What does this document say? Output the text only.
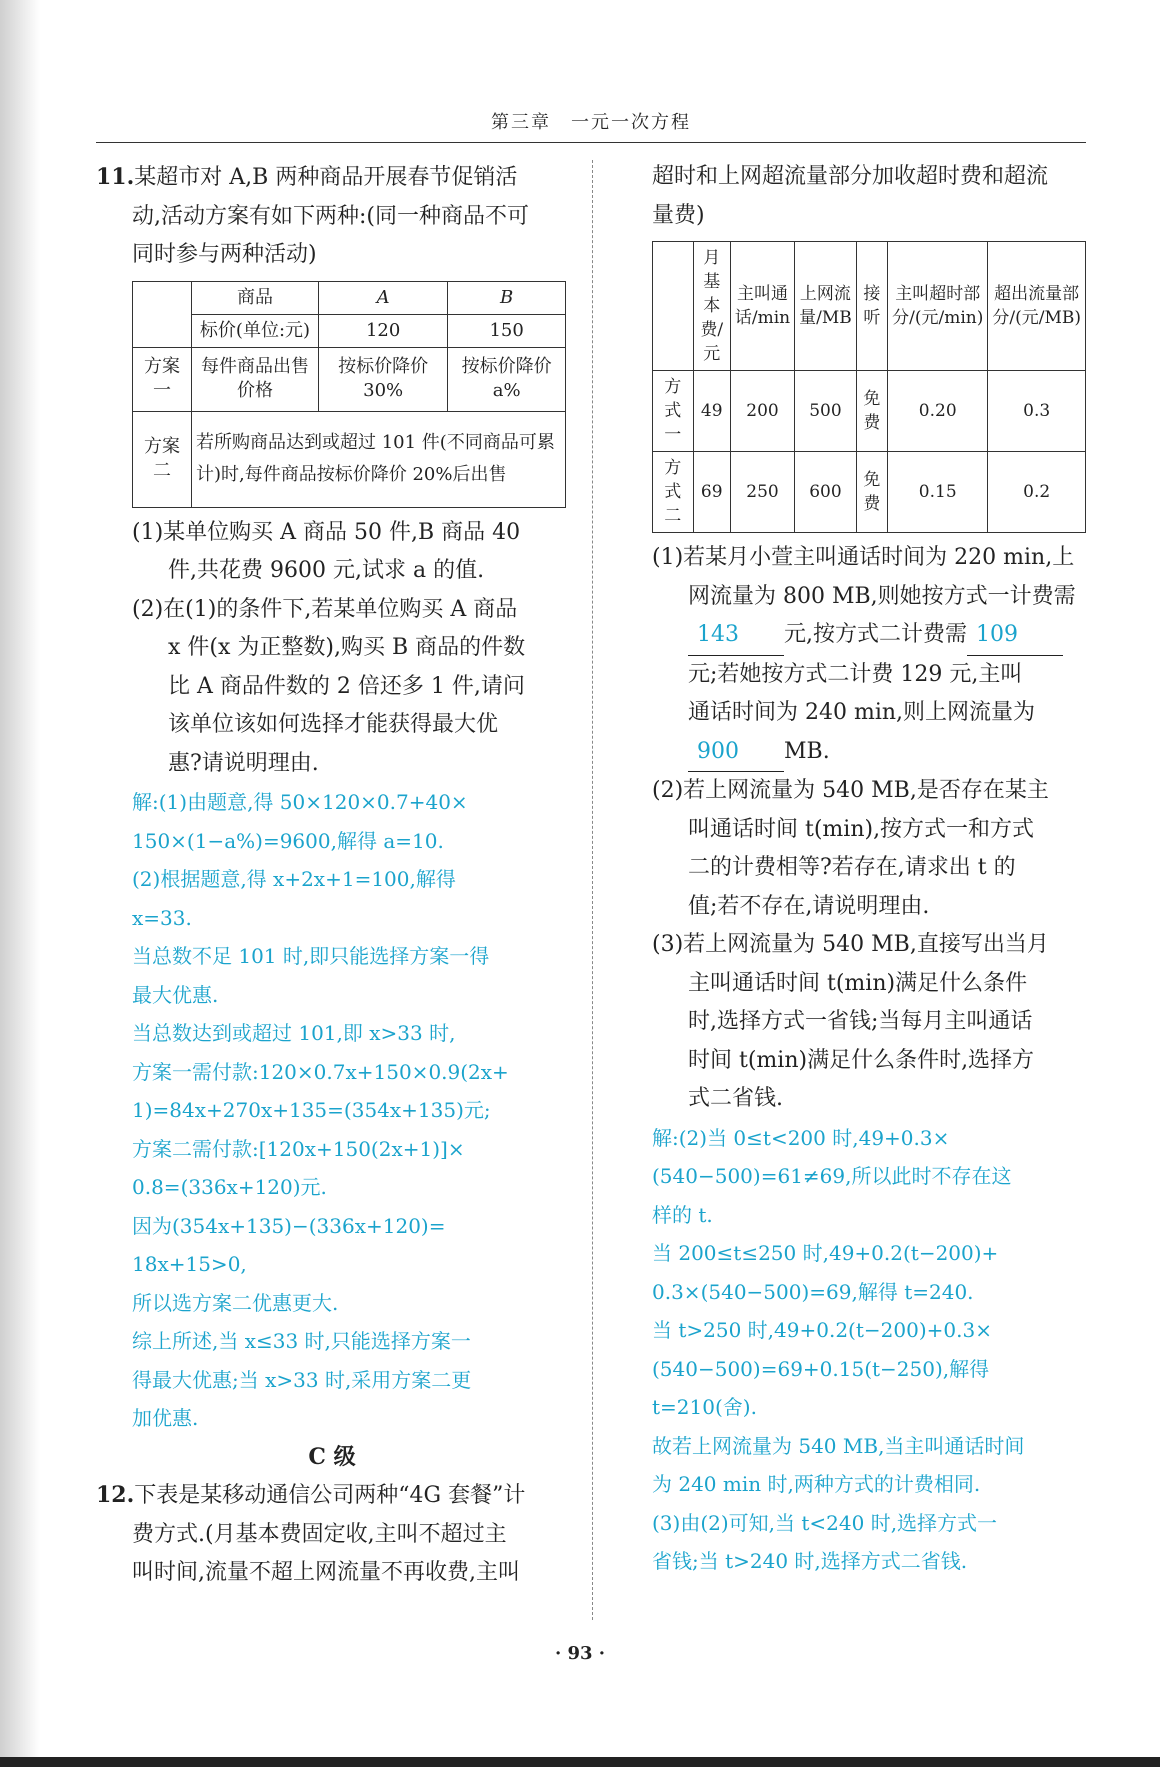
第三章　一元一次方程
11.某超市对 A,B 两种商品开展春节促销活
动,活动方案有如下两种:(同一种商品不可
同时参与两种活动)
	商品	A	B
	标价(单位:元)	120	150
方案一	每件商品出售价格	按标价降价 30%	按标价降价 a%
方案二	若所购商品达到或超过 101 件(不同商品可累计)时,每件商品按标价降价 20%后出售		
(1)某单位购买 A 商品 50 件,B 商品 40
件,共花费 9600 元,试求 a 的值.
(2)在(1)的条件下,若某单位购买 A 商品
x 件(x 为正整数),购买 B 商品的件数
比 A 商品件数的 2 倍还多 1 件,请问
该单位该如何选择才能获得最大优
惠?请说明理由.
解:(1)由题意,得 50×120×0.7+40×
150×(1−a%)=9600,解得 a=10.
(2)根据题意,得 x+2x+1=100,解得
x=33.
当总数不足 101 时,即只能选择方案一得
最大优惠.
当总数达到或超过 101,即 x>33 时,
方案一需付款:120×0.7x+150×0.9(2x+
1)=84x+270x+135=(354x+135)元;
方案二需付款:[120x+150(2x+1)]×
0.8=(336x+120)元.
因为(354x+135)−(336x+120)=
18x+15>0,
所以选方案二优惠更大.
综上所述,当 x≤33 时,只能选择方案一
得最大优惠;当 x>33 时,采用方案二更
加优惠.
C 级
12.下表是某移动通信公司两种“4G 套餐”计
费方式.(月基本费固定收,主叫不超过主
叫时间,流量不超上网流量不再收费,主叫
超时和上网超流量部分加收超时费和超流
量费)
	月基本费/元	主叫通话/min	上网流量/MB	接听	主叫超时部分/(元/min)	超出流量部分/(元/MB)
方式一	49	200	500	免费	0.20	0.3
方式二	69	250	600	免费	0.15	0.2
(1)若某月小萱主叫通话时间为 220 min,上
网流量为 800 MB,则她按方式一计费需
143 元,按方式二计费需 109
元;若她按方式二计费 129 元,主叫
通话时间为 240 min,则上网流量为
900 MB.
(2)若上网流量为 540 MB,是否存在某主
叫通话时间 t(min),按方式一和方式
二的计费相等?若存在,请求出 t 的
值;若不存在,请说明理由.
(3)若上网流量为 540 MB,直接写出当月
主叫通话时间 t(min)满足什么条件
时,选择方式一省钱;当每月主叫通话
时间 t(min)满足什么条件时,选择方
式二省钱.
解:(2)当 0≤t<200 时,49+0.3×
(540−500)=61≠69,所以此时不存在这
样的 t.
当 200≤t≤250 时,49+0.2(t−200)+
0.3×(540−500)=69,解得 t=240.
当 t>250 时,49+0.2(t−200)+0.3×
(540−500)=69+0.15(t−250),解得
t=210(舍).
故若上网流量为 540 MB,当主叫通话时间
为 240 min 时,两种方式的计费相同.
(3)由(2)可知,当 t<240 时,选择方式一
省钱;当 t>240 时,选择方式二省钱.
· 93 ·
